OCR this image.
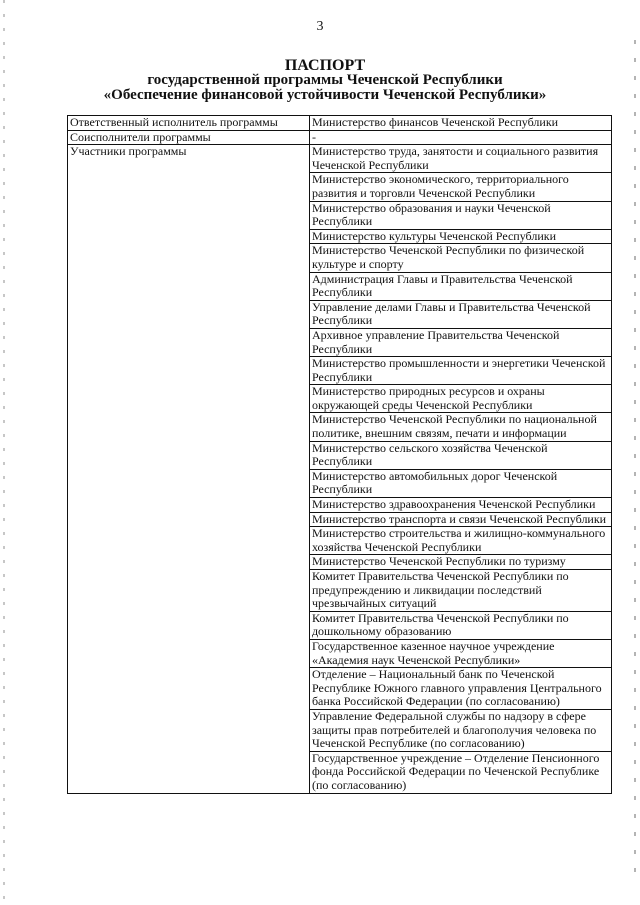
3
ПАСПОРТ
государственной программы Чеченской Республики
«Обеспечение финансовой устойчивости Чеченской Республики»
Ответственный исполнитель программы	Министерство финансов Чеченской Республики
Соисполнители программы	-
Участники программы	Министерство труда, занятости и социального развития Чеченской Республики
	Министерство экономического, территориального развития и торговли Чеченской Республики
	Министерство образования и науки Чеченской Республики
	Министерство культуры Чеченской Республики
	Министерство Чеченской Республики по физической культуре и спорту
	Администрация Главы и Правительства Чеченской Республики
	Управление делами Главы и Правительства Чеченской Республики
	Архивное управление Правительства Чеченской Республики
	Министерство промышленности и энергетики Чеченской Республики
	Министерство природных ресурсов и охраны окружающей среды Чеченской Республики
	Министерство Чеченской Республики по национальной политике, внешним связям, печати и информации
	Министерство сельского хозяйства Чеченской Республики
	Министерство автомобильных дорог Чеченской Республики
	Министерство здравоохранения Чеченской Республики
	Министерство транспорта и связи Чеченской Республики
	Министерство строительства и жилищно-коммунального хозяйства Чеченской Республики
	Министерство Чеченской Республики по туризму
	Комитет Правительства Чеченской Республики по предупреждению и ликвидации последствий чрезвычайных ситуаций
	Комитет Правительства Чеченской Республики по дошкольному образованию
	Государственное казенное научное учреждение «Академия наук Чеченской Республики»
	Отделение – Национальный банк по Чеченской Республике Южного главного управления Центрального банка Российской Федерации (по согласованию)
	Управление Федеральной службы по надзору в сфере защиты прав потребителей и благополучия человека по Чеченской Республике (по согласованию)
	Государственное учреждение – Отделение Пенсионного фонда Российской Федерации по Чеченской Республике (по согласованию)
